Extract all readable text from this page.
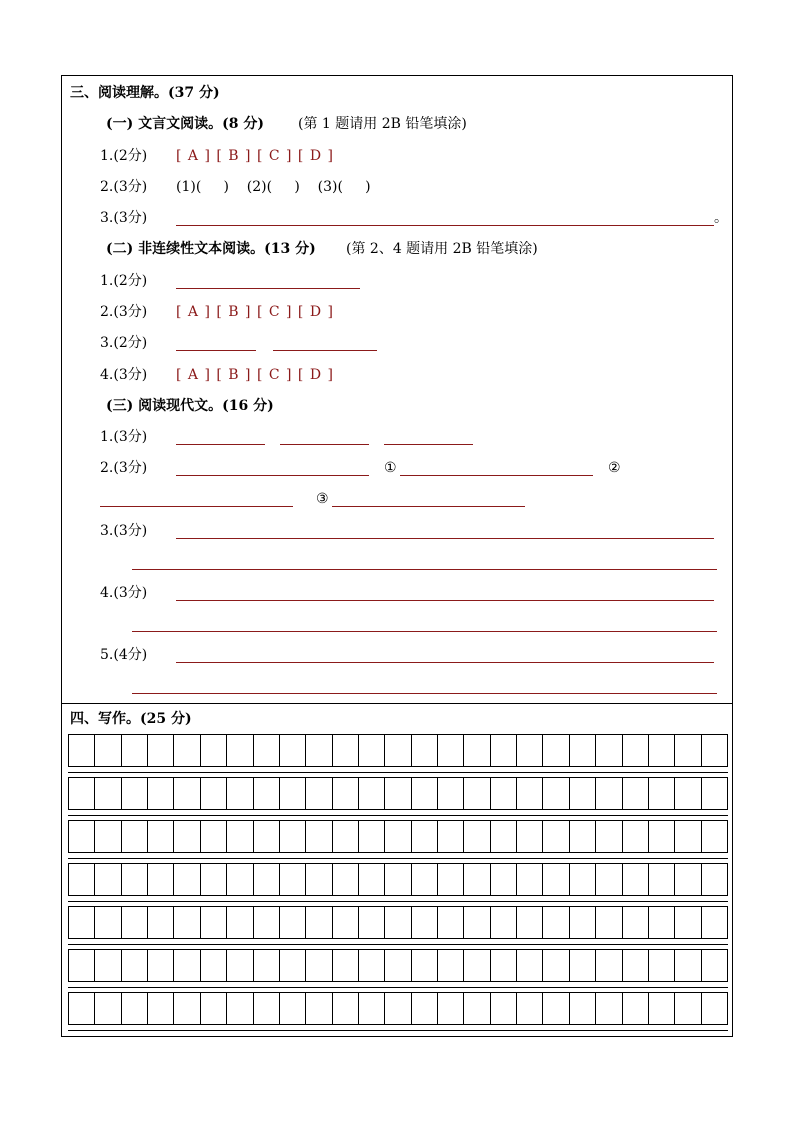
三、阅读理解。(37 分)
(一) 文言文阅读。(8 分) (第 1 题请用 2B 铅笔填涂)
1.(2分) [ A ] [ B ] [ C ] [ D ]
2.(3分) (1)(     )    (2)(     )    (3)(     )
3.(3分)	。
(二) 非连续性文本阅读。(13 分) (第 2、4 题请用 2B 铅笔填涂)
1.(2分)
2.(3分) [ A ] [ B ] [ C ] [ D ]
3.(2分)
4.(3分) [ A ] [ B ] [ C ] [ D ]
(三) 阅读现代文。(16 分)
1.(3分)
2.(3分)	①	②
③
3.(3分)
4.(3分)
5.(4分)
四、写作。(25 分)
